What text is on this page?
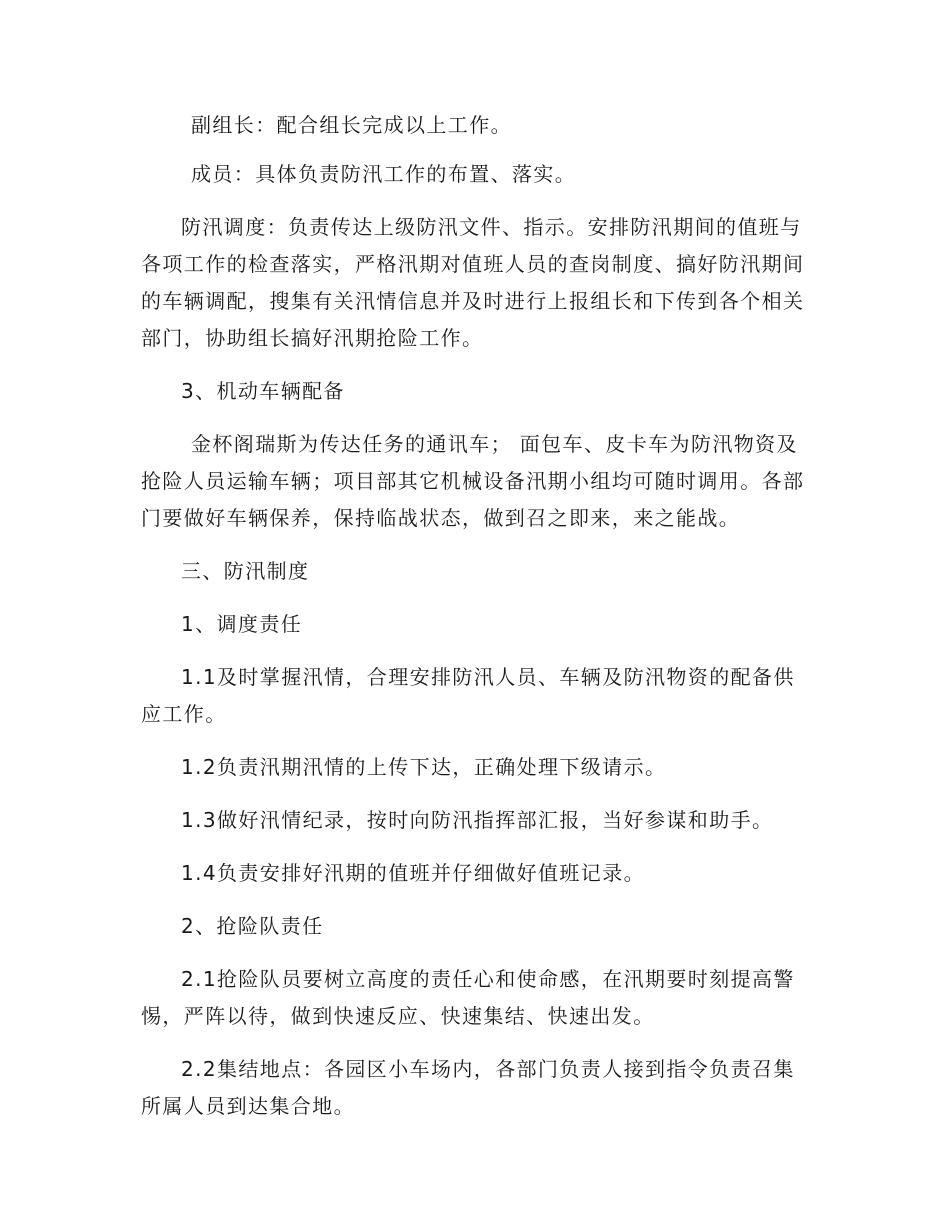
副组长：配合组长完成以上工作。

成员：具体负责防汛工作的布置、落实。

防汛调度：负责传达上级防汛文件、指示。安排防汛期间的值班与各项工作的检查落实，严格汛期对值班人员的查岗制度、搞好防汛期间的车辆调配，搜集有关汛情信息并及时进行上报组长和下传到各个相关部门，协助组长搞好汛期抢险工作。

3、机动车辆配备

金杯阁瑞斯为传达任务的通讯车； 面包车、皮卡车为防汛物资及抢险人员运输车辆；项目部其它机械设备汛期小组均可随时调用。各部门要做好车辆保养，保持临战状态，做到召之即来，来之能战。

三、防汛制度

1、调度责任

1.1及时掌握汛情，合理安排防汛人员、车辆及防汛物资的配备供应工作。

1.2负责汛期汛情的上传下达，正确处理下级请示。

1.3做好汛情纪录，按时向防汛指挥部汇报，当好参谋和助手。

1.4负责安排好汛期的值班并仔细做好值班记录。

2、抢险队责任

2.1抢险队员要树立高度的责任心和使命感，在汛期要时刻提高警惕，严阵以待，做到快速反应、快速集结、快速出发。

2.2集结地点：各园区小车场内，各部门负责人接到指令负责召集所属人员到达集合地。
